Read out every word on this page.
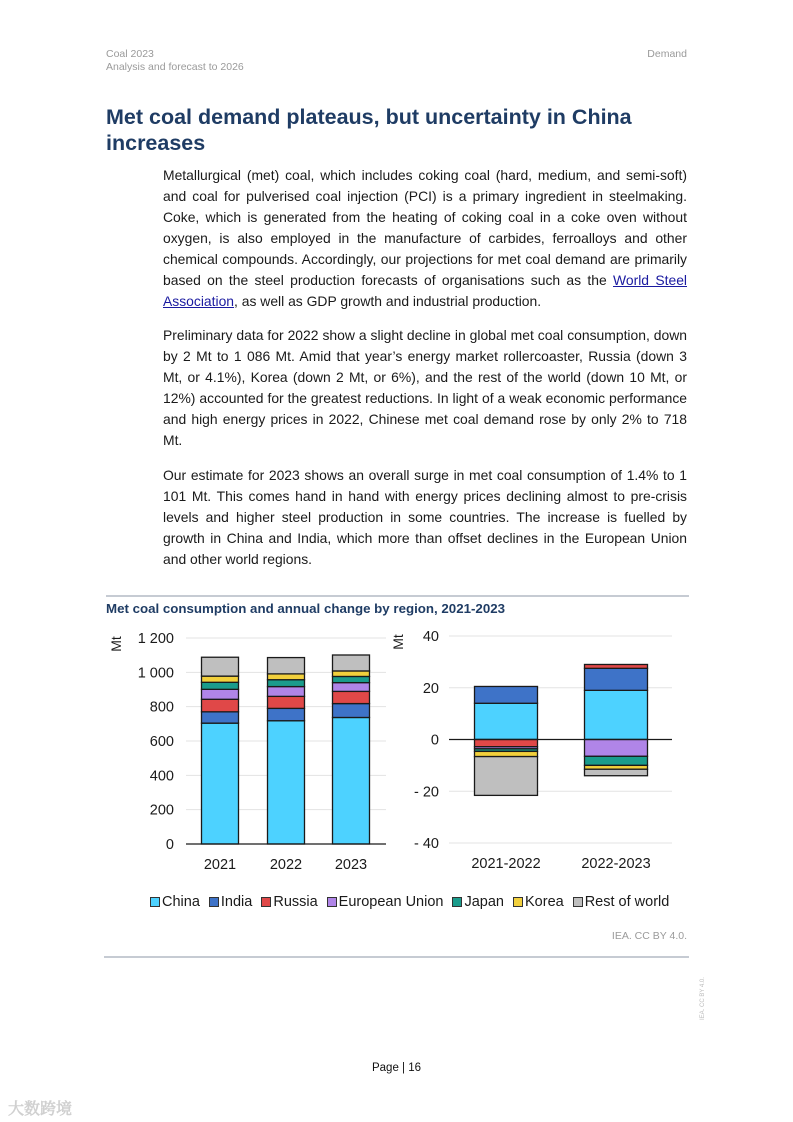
Coal 2023
Analysis and forecast to 2026
Demand
Met coal demand plateaus, but uncertainty in China increases
Metallurgical (met) coal, which includes coking coal (hard, medium, and semi-soft) and coal for pulverised coal injection (PCI) is a primary ingredient in steelmaking. Coke, which is generated from the heating of coking coal in a coke oven without oxygen, is also employed in the manufacture of carbides, ferroalloys and other chemical compounds. Accordingly, our projections for met coal demand are primarily based on the steel production forecasts of organisations such as the World Steel Association, as well as GDP growth and industrial production.
Preliminary data for 2022 show a slight decline in global met coal consumption, down by 2 Mt to 1 086 Mt. Amid that year’s energy market rollercoaster, Russia (down 3 Mt, or 4.1%), Korea (down 2 Mt, or 6%), and the rest of the world (down 10 Mt, or 12%) accounted for the greatest reductions. In light of a weak economic performance and high energy prices in 2022, Chinese met coal demand rose by only 2% to 718 Mt.
Our estimate for 2023 shows an overall surge in met coal consumption of 1.4% to 1 101 Mt. This comes hand in hand with energy prices declining almost to pre-crisis levels and higher steel production in some countries. The increase is fuelled by growth in China and India, which more than offset declines in the European Union and other world regions.
Met coal consumption and annual change by region, 2021-2023
0
200
400
600
800
1 000
1 200
Mt
2021 2022 2023
- 40
- 20
0
20
40
Mt
2021-2022	2022-2023
China India Russia European Union Japan Korea Rest of world
IEA. CC BY 4.0.
Page | 16
IEA. CC BY 4.0.
大数跨境
